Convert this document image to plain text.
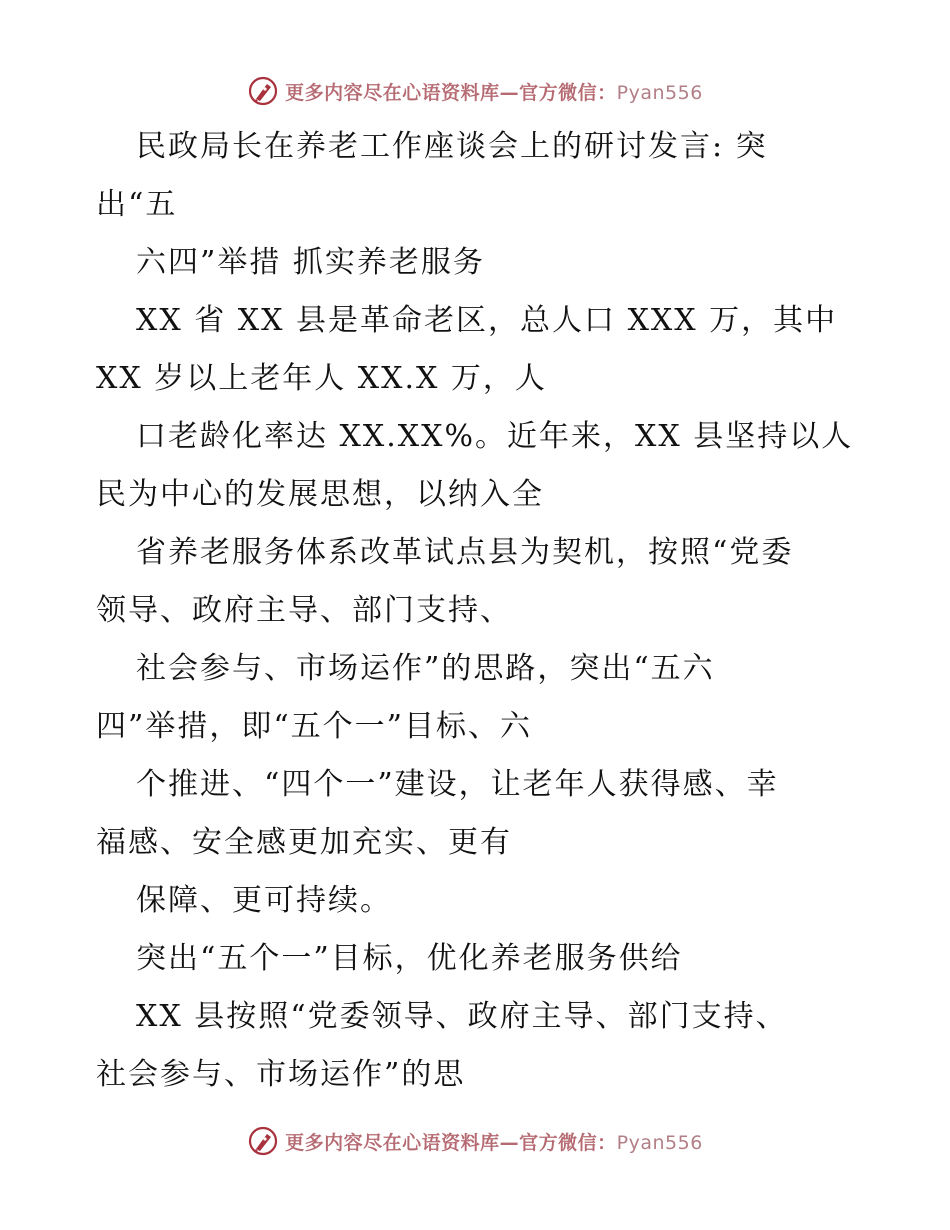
更多内容尽在心语资料库—官方微信：Pyan556
民政局长在养老工作座谈会上的研讨发言: 突
出“五
六四”举措 抓实养老服务
XX 省 XX 县是革命老区，总人口 XXX 万，其中
XX 岁以上老年人 XX.X 万，人
口老龄化率达 XX.XX%。近年来，XX 县坚持以人
民为中心的发展思想，以纳入全
省养老服务体系改革试点县为契机，按照“党委
领导、政府主导、部门支持、
社会参与、市场运作”的思路，突出“五六
四”举措，即“五个一”目标、六
个推进、“四个一”建设，让老年人获得感、幸
福感、安全感更加充实、更有
保障、更可持续。
突出“五个一”目标，优化养老服务供给
XX 县按照“党委领导、政府主导、部门支持、
社会参与、市场运作”的思
更多内容尽在心语资料库—官方微信：Pyan556
